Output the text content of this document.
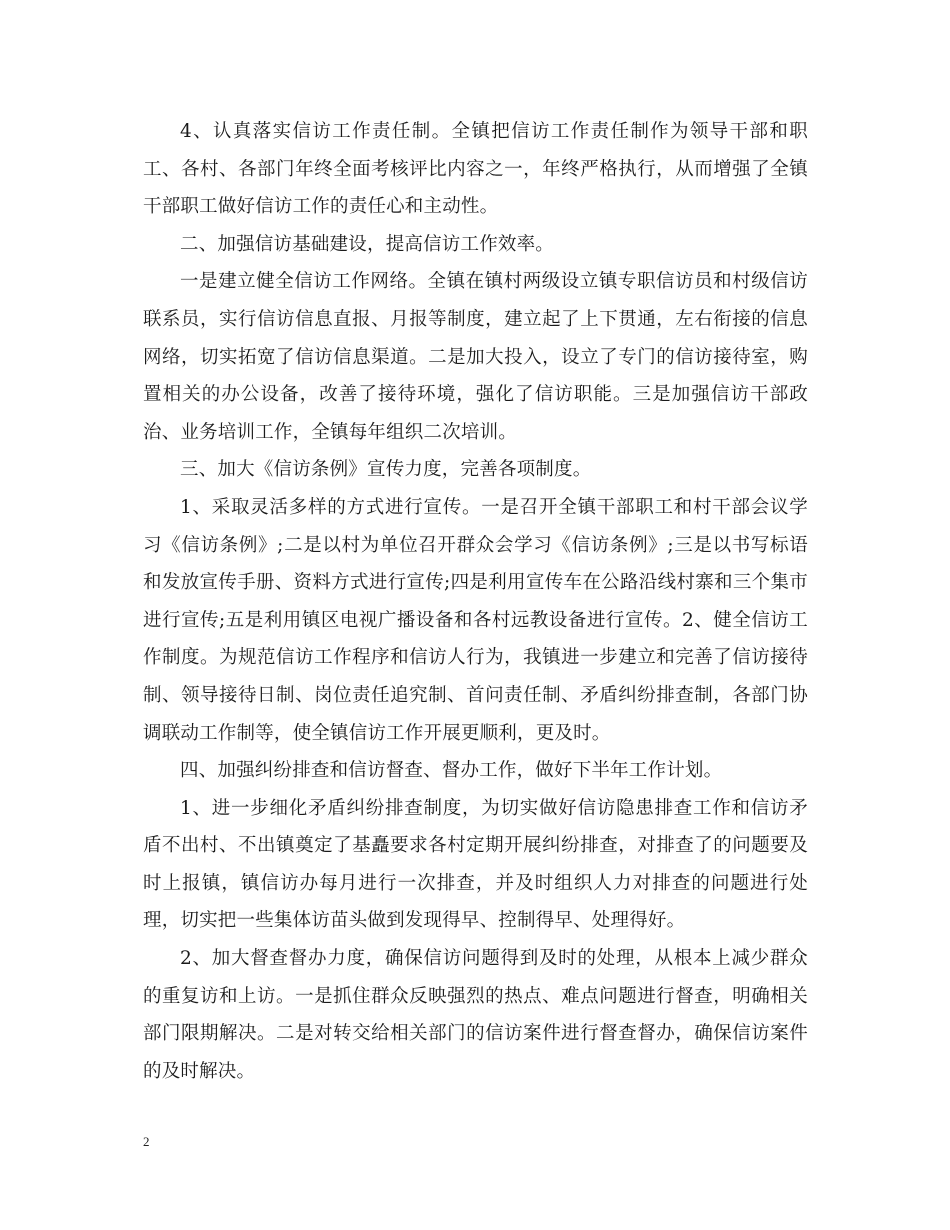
4、认真落实信访工作责任制。全镇把信访工作责任制作为领导干部和职工、各村、各部门年终全面考核评比内容之一，年终严格执行，从而增强了全镇干部职工做好信访工作的责任心和主动性。

二、加强信访基础建设，提高信访工作效率。

一是建立健全信访工作网络。全镇在镇村两级设立镇专职信访员和村级信访联系员，实行信访信息直报、月报等制度，建立起了上下贯通，左右衔接的信息网络，切实拓宽了信访信息渠道。二是加大投入，设立了专门的信访接待室，购置相关的办公设备，改善了接待环境，强化了信访职能。三是加强信访干部政治、业务培训工作，全镇每年组织二次培训。

三、加大《信访条例》宣传力度，完善各项制度。

1、采取灵活多样的方式进行宣传。一是召开全镇干部职工和村干部会议学习《信访条例》;二是以村为单位召开群众会学习《信访条例》;三是以书写标语和发放宣传手册、资料方式进行宣传;四是利用宣传车在公路沿线村寨和三个集市进行宣传;五是利用镇区电视广播设备和各村远教设备进行宣传。2、健全信访工作制度。为规范信访工作程序和信访人行为，我镇进一步建立和完善了信访接待制、领导接待日制、岗位责任追究制、首问责任制、矛盾纠纷排查制，各部门协调联动工作制等，使全镇信访工作开展更顺利，更及时。

四、加强纠纷排查和信访督查、督办工作，做好下半年工作计划。

1、进一步细化矛盾纠纷排查制度，为切实做好信访隐患排查工作和信访矛盾不出村、不出镇奠定了基矗要求各村定期开展纠纷排查，对排查了的问题要及时上报镇，镇信访办每月进行一次排查，并及时组织人力对排查的问题进行处理，切实把一些集体访苗头做到发现得早、控制得早、处理得好。

2、加大督查督办力度，确保信访问题得到及时的处理，从根本上减少群众的重复访和上访。一是抓住群众反映强烈的热点、难点问题进行督查，明确相关部门限期解决。二是对转交给相关部门的信访案件进行督查督办，确保信访案件的及时解决。

2
